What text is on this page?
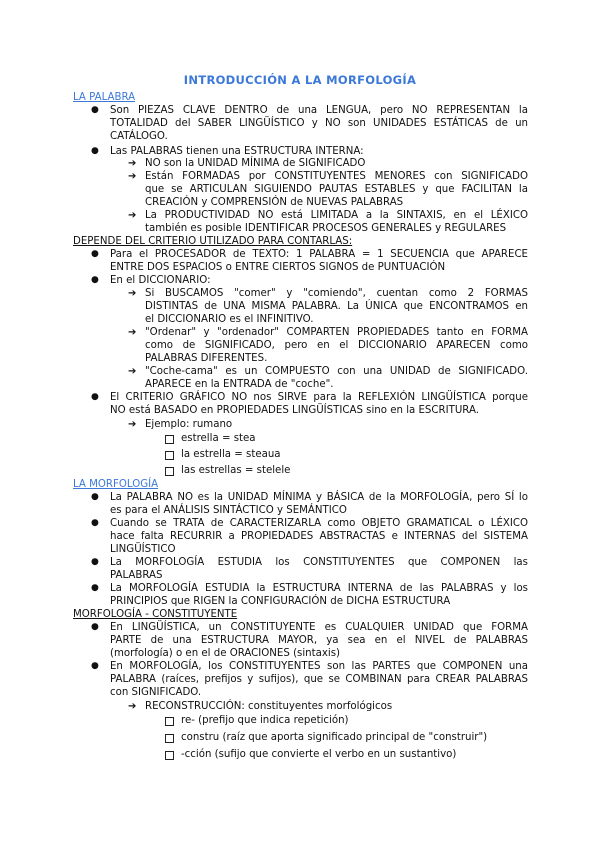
INTRODUCCIÓN A LA MORFOLOGÍA
LA PALABRA
● Son PIEZAS CLAVE DENTRO de una LENGUA, pero NO REPRESENTAN la
TOTALIDAD del SABER LINGÜÍSTICO y NO son UNIDADES ESTÁTICAS de un
CATÁLOGO.
● Las PALABRAS tienen una ESTRUCTURA INTERNA:
➔ NO son la UNIDAD MÍNIMA de SIGNIFICADO
➔ Están FORMADAS por CONSTITUYENTES MENORES con SIGNIFICADO
que se ARTICULAN SIGUIENDO PAUTAS ESTABLES y que FACILITAN la
CREACIÓN y COMPRENSIÓN de NUEVAS PALABRAS
➔ La PRODUCTIVIDAD NO está LIMITADA a la SINTAXIS, en el LÉXICO
también es posible IDENTIFICAR PROCESOS GENERALES y REGULARES
DEPENDE DEL CRITERIO UTILIZADO PARA CONTARLAS:
● Para el PROCESADOR de TEXTO: 1 PALABRA = 1 SECUENCIA que APARECE
ENTRE DOS ESPACIOS o ENTRE CIERTOS SIGNOS de PUNTUACIÓN
● En el DICCIONARIO:
➔ Si BUSCAMOS "comer" y "comiendo", cuentan como 2 FORMAS
DISTINTAS de UNA MISMA PALABRA. La ÚNICA que ENCONTRAMOS en
el DICCIONARIO es el INFINITIVO.
➔ "Ordenar" y "ordenador" COMPARTEN PROPIEDADES tanto en FORMA
como de SIGNIFICADO, pero en el DICCIONARIO APARECEN como
PALABRAS DIFERENTES.
➔ "Coche-cama" es un COMPUESTO con una UNIDAD de SIGNIFICADO.
APARECE en la ENTRADA de "coche".
● El CRITERIO GRÁFICO NO nos SIRVE para la REFLEXIÓN LINGÜÍSTICA porque
NO está BASADO en PROPIEDADES LINGÜÍSTICAS sino en la ESCRITURA.
➔ Ejemplo: rumano
estrella = stea
la estrella = steaua
las estrellas = stelele
LA MORFOLOGÍA
● La PALABRA NO es la UNIDAD MÍNIMA y BÁSICA de la MORFOLOGÍA, pero SÍ lo
es para el ANÁLISIS SINTÁCTICO y SEMÁNTICO
● Cuando se TRATA de CARACTERIZARLA como OBJETO GRAMATICAL o LÉXICO
hace falta RECURRIR a PROPIEDADES ABSTRACTAS e INTERNAS del SISTEMA
LINGÜÍSTICO
● La MORFOLOGÍA ESTUDIA los CONSTITUYENTES que COMPONEN las
PALABRAS
● La MORFOLOGÍA ESTUDIA la ESTRUCTURA INTERNA de las PALABRAS y los
PRINCIPIOS que RIGEN la CONFIGURACIÓN de DICHA ESTRUCTURA
MORFOLOGÍA - CONSTITUYENTE
● En LINGÜÍSTICA, un CONSTITUYENTE es CUALQUIER UNIDAD que FORMA
PARTE de una ESTRUCTURA MAYOR, ya sea en el NIVEL de PALABRAS
(morfología) o en el de ORACIONES (sintaxis)
● En MORFOLOGÍA, los CONSTITUYENTES son las PARTES que COMPONEN una
PALABRA (raíces, prefijos y sufijos), que se COMBINAN para CREAR PALABRAS
con SIGNIFICADO.
➔ RECONSTRUCCIÓN: constituyentes morfológicos
re- (prefijo que indica repetición)
constru (raíz que aporta significado principal de "construir")
-cción (sufijo que convierte el verbo en un sustantivo)
